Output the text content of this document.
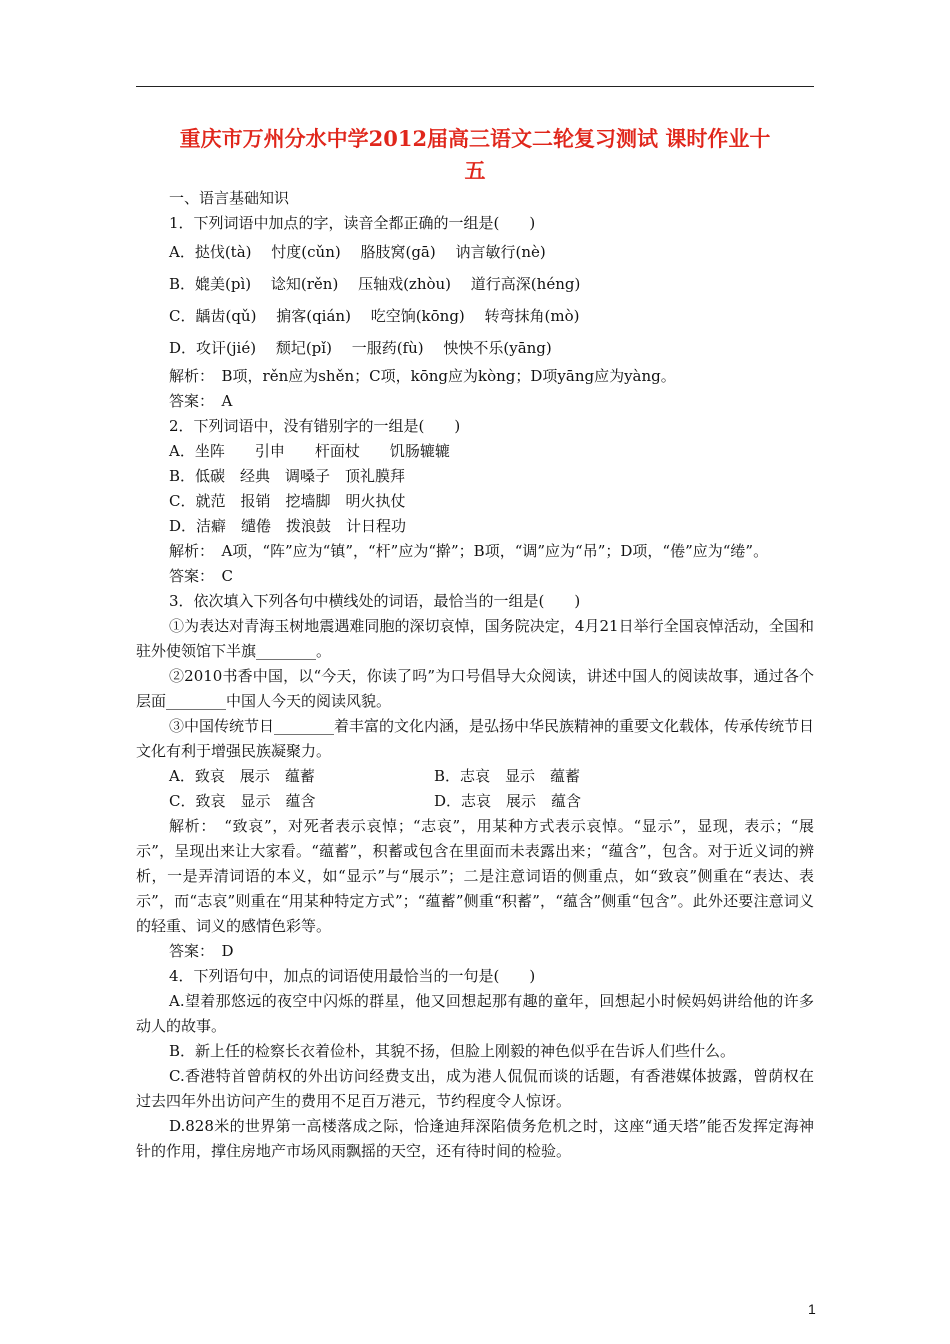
重庆市万州分水中学2012届高三语文二轮复习测试 课时作业十
五

一、语言基础知识

1．下列词语中加点的字，读音全都正确的一组是(　　)

A．挞伐(tà)　 忖度(cǔn)　 胳肢窝(gā)　 讷言敏行(nè)

B．媲美(pì)　 谂知(rěn)　 压轴戏(zhòu)　 道行高深(héng)

C．龋齿(qǔ)　 掮客(qián)　 吃空饷(kōng)　 转弯抹角(mò)

D．攻讦(jié)　 颓圮(pǐ)　 一服药(fù)　 怏怏不乐(yāng)

解析：　B项，rěn应为shěn；C项，kōng应为kòng；D项yāng应为yàng。

答案：　A

2．下列词语中，没有错别字的一组是(　　)

A．坐阵　　引申　　杆面杖　　饥肠辘辘

B．低碳　经典　调嗓子　顶礼膜拜

C．就范　报销　挖墙脚　明火执仗

D．洁癖　缱倦　拨浪鼓　计日程功

解析：　A项，“阵”应为“镇”，“杆”应为“擀”；B项，“调”应为“吊”；D项，“倦”应为“绻”。

答案：　C

3．依次填入下列各句中横线处的词语，最恰当的一组是(　　)

①为表达对青海玉树地震遇难同胞的深切哀悼，国务院决定，4月21日举行全国哀悼活动，全国和驻外使领馆下半旗________。

②2010书香中国，以“今天，你读了吗”为口号倡导大众阅读，讲述中国人的阅读故事，通过各个层面________中国人今天的阅读风貌。

③中国传统节日________着丰富的文化内涵，是弘扬中华民族精神的重要文化载体，传承传统节日文化有利于增强民族凝聚力。

A．致哀　展示　蕴蓄	B．志哀　显示　蕴蓄
C．致哀　显示　蕴含	D．志哀　展示　蕴含

解析：　“致哀”，对死者表示哀悼；“志哀”，用某种方式表示哀悼。“显示”，显现，表示；“展示”，呈现出来让大家看。“蕴蓄”，积蓄或包含在里面而未表露出来；“蕴含”，包含。对于近义词的辨析，一是弄清词语的本义，如“显示”与“展示”；二是注意词语的侧重点，如“致哀”侧重在“表达、表示”，而“志哀”则重在“用某种特定方式”；“蕴蓄”侧重“积蓄”，“蕴含”侧重“包含”。此外还要注意词义的轻重、词义的感情色彩等。

答案：　D

4．下列语句中，加点的词语使用最恰当的一句是(　　)

A.望着那悠远的夜空中闪烁的群星，他又回想起那有趣的童年，回想起小时候妈妈讲给他的许多动人的故事。

B．新上任的检察长衣着俭朴，其貌不扬，但脸上刚毅的神色似乎在告诉人们些什么。

C.香港特首曾荫权的外出访问经费支出，成为港人侃侃而谈的话题，有香港媒体披露，曾荫权在过去四年外出访问产生的费用不足百万港元，节约程度令人惊讶。

D.828米的世界第一高楼落成之际，恰逢迪拜深陷债务危机之时，这座“通天塔”能否发挥定海神针的作用，撑住房地产市场风雨飘摇的天空，还有待时间的检验。

1
